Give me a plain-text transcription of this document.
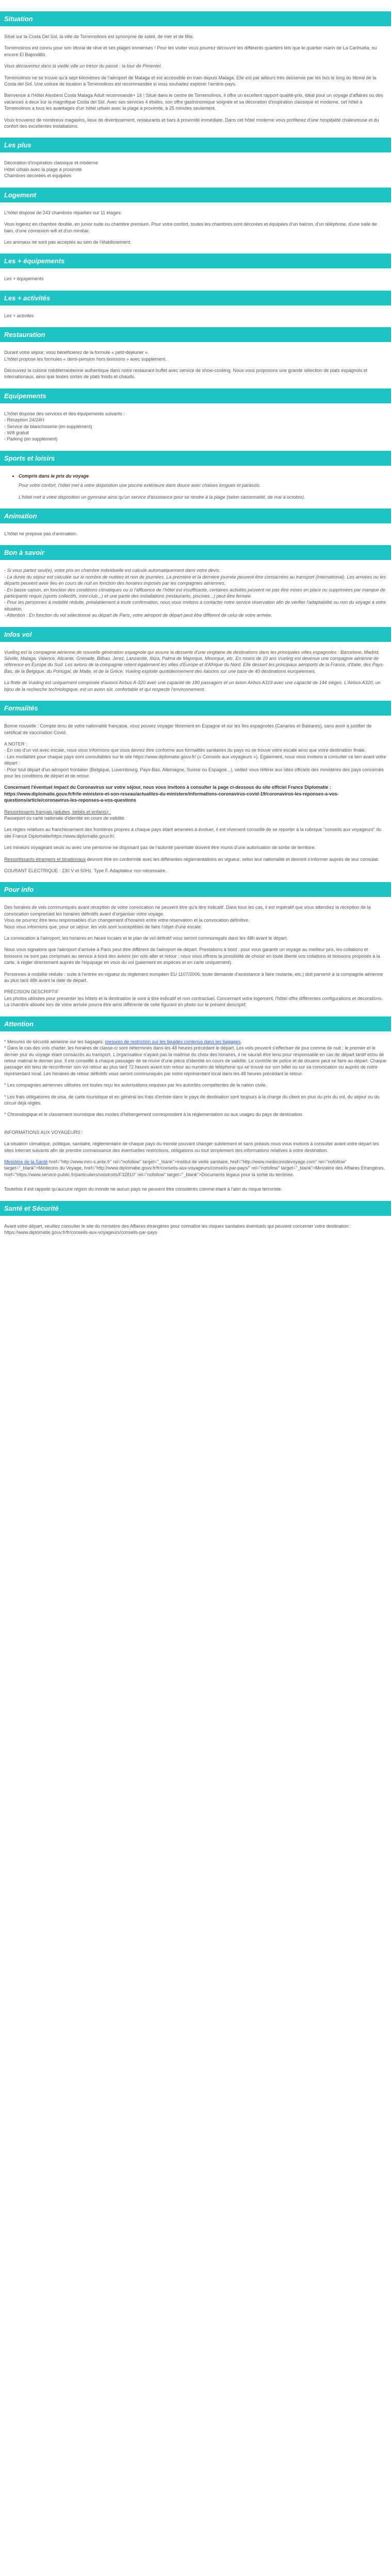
Situation

Situé sur la Costa Del Sol, la ville de Torremolinos est synonyme de soleil, de mer et de fête.

Torremolinos est connu pour son littoral de rêve et ses plages immenses ! Pour les visiter vous pourrez découvrir les différents quartiers tels que le quartier marin de La Carihuela, ou encore El Bajondillo.

Vous découvrirez dans la vieille ville un trésor du passé : la tour de Pimentel.

Torremolinos ne se trouve qu'à sept kilomètres de l'aéroport de Malaga et est accessible en train depuis Malaga. Elle est par ailleurs très desservie par les bus le long du littoral de la Costa del Sol. Une voiture de location à Torremolinos est recommandée si vous souhaitez explorer l'arrière-pays.

Bienvenue à l'Hôtel Alexbest Costa Malaga Adult recommandé+ 16 ! Situé dans le centre de Torremolinos, il offre un excellent rapport qualité-prix, idéal pour un voyage d'affaires ou des vacances à deux sur la magnifique Costa del Sol. Avec ses services 4 étoiles, son offre gastronomique soignée et sa décoration d'inspiration classique et moderne, cet hôtel à Torremolinos a tous les avantages d'un hôtel urbain avec la plage à proximité, à 25 minutes seulement.

Vous trouverez de nombreux magasins, lieux de divertissement, restaurants et bars à proximité immédiate. Dans cet hôtel moderne vous profiterez d'une hospitalité chaleureuse et du confort des excellentes installations.

Les plus
Décoration d'inspiration classique et moderne
Hôtel urbain avec la plage à proximité
Chambres décorées et équipées
Logement

L'hôtel dispose de 243 chambres réparties sur 11 étages.

Vous logerez en chambre double, en junior suite ou chambre premium. Pour votre confort, toutes les chambres sont décorées et équipées d'un balcon, d'un téléphone, d'une salle de bain, d'une connexion wifi et d'un minibar.

Les animaux ne sont pas acceptés au sein de l'établissement.

Les + équipements

Les + équipements

Les + activités

Les + activités

Restauration
Durant votre séjour, vous bénéficierez de la formule « petit-déjeuner ».

L'hôtel propose les formules « demi-pension hors boissons » avec supplément.

Découvrez la cuisine méditerranéenne authentique dans notre restaurant buffet avec service de show-cooking. Nous vous proposons une grande sélection de plats espagnols et internationaux, ainsi que toutes sortes de plats froids et chauds.

Equipements
L'hôtel dispose des services et des équipements suivants :
- Réception 24/24H
- Service de blanchisserie (en supplément)
- Wifi gratuit
- Parking (en supplément)
Sports et loisirs
• Compris dans le prix du voyage

Pour votre confort, l'hôtel met à votre disposition une piscine extérieure dans douce avec chaises longues et parasols.

L'hôtel met à votre disposition un gymnase ainsi qu'un service d'assistance pour se rendre à la plage (selon saisonnalité, de mai à octobre).

Animation

L'hôtel ne propose pas d'animation.

Bon à savoir
- Si vous partez seul(e), votre prix en chambre individuelle est calculé automatiquement dans votre devis.
- La durée du séjour est calculée sur le nombre de nuitées et non de journées. La première et la dernière journée peuvent être consacrées au transport (International). Les arrivées ou les départs peuvent avoir lieu en cours de nuit en fonction des horaires imposés par les compagnies aériennes.
- En basse saison, en fonction des conditions climatiques ou si l'affluence de l'hôtel est insuffisante, certaines activités peuvent ne pas être mises en place ou supprimées par manque de participants requis (sports collectifs, mini-club...) et une partie des installations (restaurants, piscines...) peut être fermée.
- Pour les personnes à mobilité réduite, préalablement à toute confirmation, nous vous invitons à contacter notre service réservation afin de vérifier l'adaptabilité ou non du voyage à votre situation.
- Attention : En fonction du vol sélectionné au départ de Paris, votre aéroport de départ peut être différent de celui de votre arrivée.
Infos vol

Vueling est la compagnie aérienne de nouvelle génération espagnole qui assure la desserte d'une vingtaine de destinations dans les principales villes espagnoles : Barcelone, Madrid, Séville, Malaga, Valence, Alicante, Grenade, Bilbao, Jerez, Lanzarote, Ibiza, Palma de Majorque, Minorque, etc. En moins de 10 ans Vueling est devenue une compagnie aérienne de référence en Europe du Sud. Les avions de la compagnie relient également les villes d'Europe et d'Afrique du Nord. Elle dessert les principaux aéroports de la France, d'Italie, des Pays-Bas, de la Belgique, du Portugal, de Malte, et de la Grèce. Vueling exploite quotidiennement des liaisons sur une base de 40 destinations européennes.

La flotte de Vueling est uniquement composée d'avions Airbus A-320 avec une capacité de 180 passagers et un avion Airbus A319 avec une capacité de 144 sièges. L'Airbus A320, un bijou de la recherche technologique, est un avion sûr, confortable et qui respecte l'environnement.

Formalités

Bonne nouvelle ; Compte tenu de votre nationalité française, vous pouvez voyager librement en Espagne et sur les îles espagnoles (Canaries et Baléares), sans avoir à justifier de certificat de vaccination Covid.

A NOTER :
- En cas d'un vol avec escale, nous vous informons que vous devrez être conforme aux formalités sanitaires du pays où se trouve votre escale ainsi que votre destination finale.
- Les modalités pour chaque pays sont consultables sur le site https://www.diplomatie.gouv.fr/ (« Conseils aux voyageurs »). Également, nous vous invitons à consulter ce lien avant votre départ :

- Pour tout départ d'un aéroport frontalier (Belgique, Luxembourg, Pays-Bas, Allemagne, Suisse ou Espagne...), veillez vous référer aux sites officiels des ministères des pays concernés pour les conditions de départ et de retour.

Concernant l'éventuel impact du Coronavirus sur votre séjour, nous vous invitons à consulter la page ci-dessous du site officiel France Diplomatie :

https://www.diplomatie.gouv.fr/fr/le-ministere-et-son-reseau/actualites-du-ministere/informations-coronavirus-covid-19/coronavirus-les-reponses-a-vos-questions/article/coronavirus-les-reponses-a-vos-questions

Ressortissants français (adultes, bébés et enfants) :

Passeport ou carte nationale d'identité en cours de validité.

Les règles relatives au franchissement des frontières propres à chaque pays étant amenées à évoluer, il est vivement conseillé de se reporter à la rubrique "conseils aux voyageurs" du site France Diplomatie/https://www.diplomatie.gouv.fr/.

Les mineurs voyageant seuls ou avec une personne ne disposant pas de l'autorité parentale doivent être munis d'une autorisation de sortie de territoire.

Ressortissants étrangers et binationaux devront être en conformité avec les différentes réglementations en vigueur, selon leur nationalité et devront s'informer auprès de leur consulat.

COURANT ELECTRIQUE : 230 V et 50Hz. Type F. Adaptateur non nécessaire.

Pour info
Des horaires de vols communiqués avant réception de votre convocation ne peuvent être qu'à titre indicatif. Dans tous les cas, il est impératif que vous attendiez la réception de la convocation comprenant les horaires définitifs avant d'organiser votre voyage.
Vous ne pourrez être tenu responsables d'un changement d'horaires entre votre réservation et la convocation définitive.

Nous vous informons que, pour ce séjour, les vols sont susceptibles de faire l'objet d'une escale.

La convocation à l'aéroport, les horaires en heure locales et le plan de vol définitif vous seront communiqués dans les 48h avant le départ.

Nous vous signalons que l'aéroport d'arrivée à Paris peut être différent de l'aéroport de départ. Prestations à bord : pour vous garantir un voyage au meilleur prix, les collations et boissons ne sont pas comprises au service à bord des avions (en vols aller et retour ; nous vous offrons la possibilité de choisir en toute liberté vos collations et boissons proposés à la carte, à régler directement auprès de l'équipage en vous du vol (paiement en espèces et en carte uniquement).

Personnes à mobilité réduite : suite à l'entrée en vigueur du règlement européen EU 1107/2006, toute demande d'assistance à faire roulante, etc.) doit parvenir à la compagnie aérienne au plus tard 48h avant la date de départ.

PRÉCISION DESCRIPTIF

Les photos utilisées pour présenter les hôtels et la destination le sont à titre indicatif et non contractuel. Concernant votre logement, l'hôtel offre différentes configurations et décorations. La chambre allouée lors de votre arrivée pourra être ainsi différente de celle figurant en photo sur le présent descriptif.

Attention
* Mesures de sécurité aérienne sur les bagages: mesures de restriction sur les liquides contenus dans les bagages.

* Dans le cas des vols charter, les horaires de classe-ci sont déterminés dans les 48 heures précédant le départ. Les vols peuvent s'effectuer de jour comme de nuit ; le premier et le dernier jour du voyage étant consacrés au transport. L'organisateur n'ayant pas la maîtrise du choix des horaires, il ne saurait être tenu pour responsable en cas de départ tardif et/ou de retour matinal le dernier jour. Il est conseillé à chaque passager de se munir d'une pièce d'identité en cours de validité. Le contrôle de police et de douane peut se faire au départ. Chaque passager est tenu de reconfirmer son vol retour au plus tard 72 heures avant son retour au numéro de téléphone qui se trouve sur son billet ou sur sa convocation ou auprès de notre représentant local. Les horaires de retour définitifs vous seront communiqués par notre représentant local dans les 48 heures précédant le retour.

* Les compagnies aériennes utilisées ont toutes reçu les autorisations requises par les autorités compétentes de la nation civile.

* Les frais obligatoires de visa, de carte touristique et en général les frais d'entrée dans le pays de destination sont toujours à la charge du client en plus du prix du vol, du séjour ou du circuit déjà réglés.

* Chronologique et le classement touristique des modes d'hébergement correspondent à la réglementation ou aux usages du pays de destination.

INFORMATIONS AUX VOYAGEURS :

La situation climatique, politique, sanitaire, réglementaire de chaque pays du monde pouvant changer subitement et sans préavis nous vous invitons à consulter avant votre départ les sites Internet suivants afin de prendre connaissance des éventuelles restrictions, obligations ou tout simplement des informations relatives à votre destination.

Ministère de la Santé href="http://www.mm-s.ante.fr" rel="nofollow" target="_blank">Institut de veille sanitaire, href="http://www.medecinsdevoyage.com" rel="nofollow" target="_blank">Médecins du Voyage, href="http://www.diplomatie.gouv.fr/fr/conseils-aux-voyageurs/conseils-par-pays/" rel="nofollow" target="_blank">Ministère des Affaires Etrangères, href="https://www.service-public.fr/particuliers/vosdroits/F32810" rel="nofollow" target="_blank">Documents légaux pour la sortie du territoire.

Toutefois il est rappelé qu'aucune région du monde ne aucun pays ne peuvent être considérés comme étant à l'abri du risque terroriste.

Santé et Sécurité

Avant votre départ, veuillez consulter le site du ministère des Affaires étrangères pour connaître les risques sanitaires éventuels qui peuvent concerner votre destination : https://www.diplomatie.gouv.fr/fr/conseils-aux-voyageurs/conseils-par-pays
